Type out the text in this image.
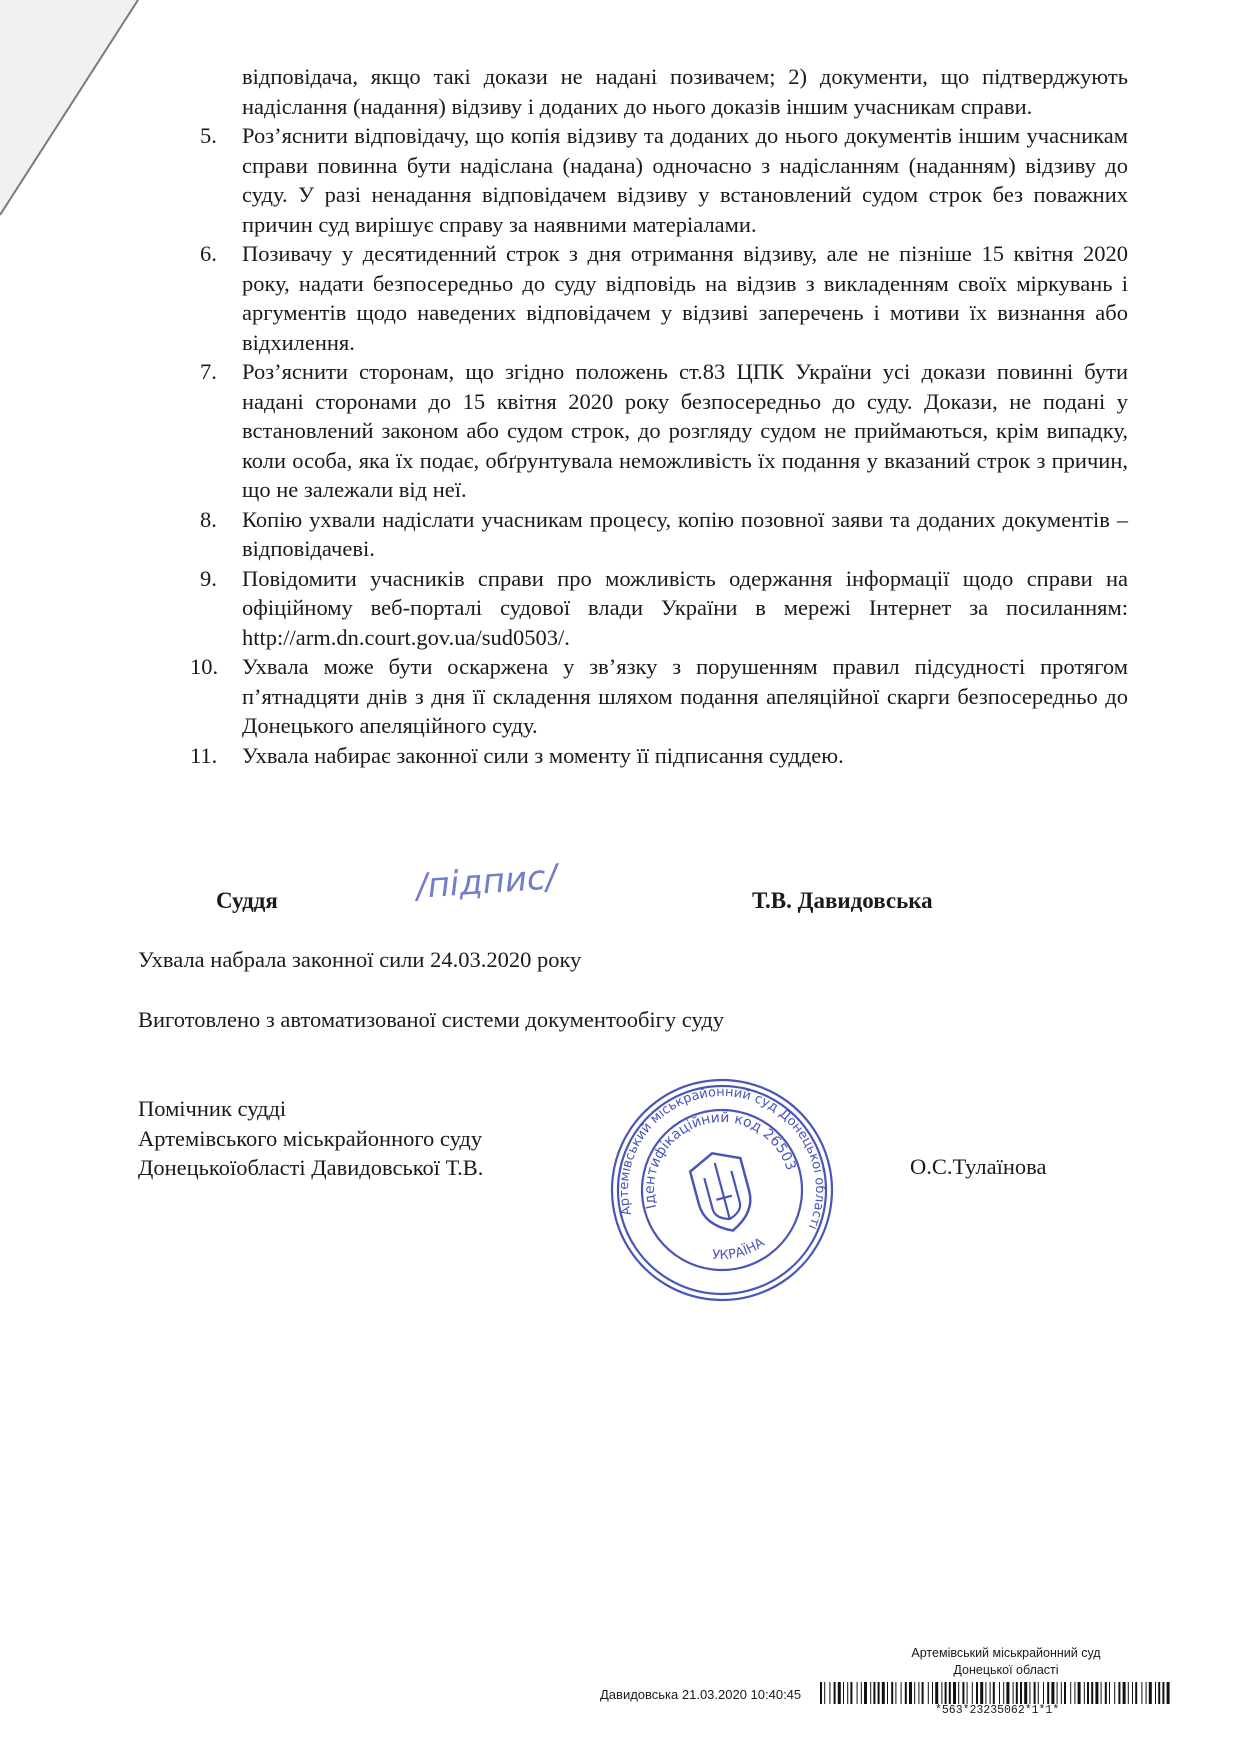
відповідача, якщо такі докази не надані позивачем; 2) документи, що підтверджують надіслання (надання) відзиву і доданих до нього доказів іншим учасникам справи.
5.	Роз’яснити відповідачу, що копія відзиву та доданих до нього документів іншим учасникам справи повинна бути надіслана (надана) одночасно з надісланням (наданням) відзиву до суду. У разі ненадання відповідачем відзиву у встановлений судом строк без поважних причин суд вирішує справу за наявними матеріалами.
6.	Позивачу у десятиденний строк з дня отримання відзиву, але не пізніше 15 квітня 2020 року, надати безпосередньо до суду відповідь на відзив з викладенням своїх міркувань і аргументів щодо наведених відповідачем у відзиві заперечень і мотиви їх визнання або відхилення.
7.	Роз’яснити сторонам, що згідно положень ст.83 ЦПК України усі докази повинні бути надані сторонами до 15 квітня 2020 року безпосередньо до суду. Докази, не подані у встановлений законом або судом строк, до розгляду судом не приймаються, крім випадку, коли особа, яка їх подає, обґрунтувала неможливість їх подання у вказаний строк з причин, що не залежали від неї.
8.	Копію ухвали надіслати учасникам процесу, копію позовної заяви та доданих документів – відповідачеві.
9.	Повідомити учасників справи про можливість одержання інформації щодо справи на офіційному веб-порталі судової влади України в мережі Інтернет за посиланням: http://arm.dn.court.gov.ua/sud0503/.
10.	Ухвала може бути оскаржена у зв’язку з порушенням правил підсудності протягом п’ятнадцяти днів з дня її складення шляхом подання апеляційної скарги безпосередньо до Донецького апеляційного суду.
11.	Ухвала набирає законної сили з моменту її підписання суддею.
Суддя	/підпис/	Т.В. Давидовська
Ухвала набрала законної сили 24.03.2020 року
Виготовлено з автоматизованої системи документообігу суду
Помічник судді
Артемівського міськрайонного суду
Донецькоїобласті Давидовської Т.В.	О.С.Тулаїнова
Артемівський міськрайонний суд Донецької області
Ідентифікаційний код 26503744
УКРАЇНА
Артемівський міськрайонний суд
Донецької області
Давидовська 21.03.2020 10:40:45
*563*23235062*1*1*
